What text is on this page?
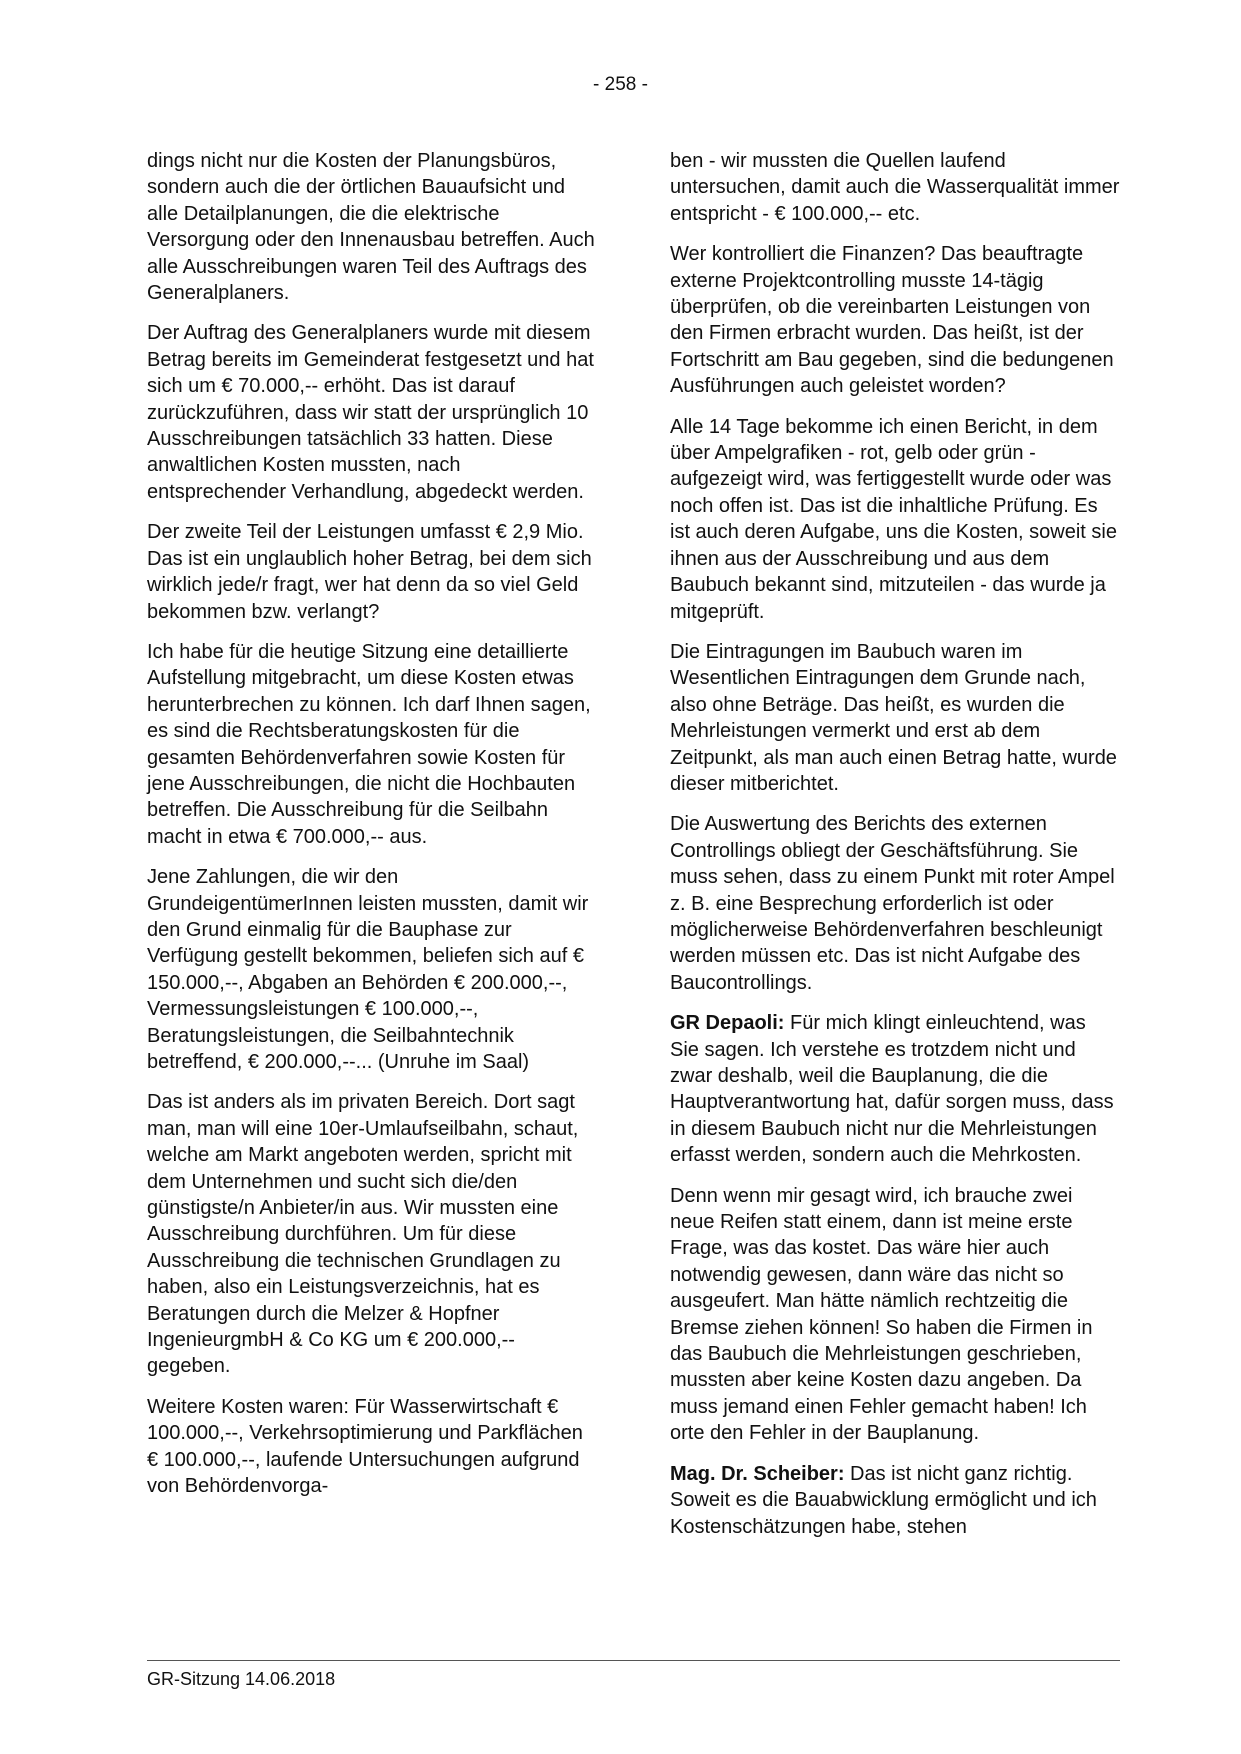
- 258 -

dings nicht nur die Kosten der Planungsbüros, sondern auch die der örtlichen Bauaufsicht und alle Detailplanungen, die die elektrische Versorgung oder den Innenausbau betreffen. Auch alle Ausschreibungen waren Teil des Auftrags des Generalplaners.

Der Auftrag des Generalplaners wurde mit diesem Betrag bereits im Gemeinderat festgesetzt und hat sich um € 70.000,-- erhöht. Das ist darauf zurückzuführen, dass wir statt der ursprünglich 10 Ausschreibungen tatsächlich 33 hatten. Diese anwaltlichen Kosten mussten, nach entsprechender Verhandlung, abgedeckt werden.

Der zweite Teil der Leistungen umfasst € 2,9 Mio. Das ist ein unglaublich hoher Betrag, bei dem sich wirklich jede/r fragt, wer hat denn da so viel Geld bekommen bzw. verlangt?

Ich habe für die heutige Sitzung eine detaillierte Aufstellung mitgebracht, um diese Kosten etwas herunterbrechen zu können. Ich darf Ihnen sagen, es sind die Rechtsberatungskosten für die gesamten Behördenverfahren sowie Kosten für jene Ausschreibungen, die nicht die Hochbauten betreffen. Die Ausschreibung für die Seilbahn macht in etwa € 700.000,-- aus.

Jene Zahlungen, die wir den GrundeigentümerInnen leisten mussten, damit wir den Grund einmalig für die Bauphase zur Verfügung gestellt bekommen, beliefen sich auf € 150.000,--, Abgaben an Behörden € 200.000,--, Vermessungsleistungen € 100.000,--, Beratungsleistungen, die Seilbahntechnik betreffend, € 200.000,--... (Unruhe im Saal)

Das ist anders als im privaten Bereich. Dort sagt man, man will eine 10er-Umlaufseilbahn, schaut, welche am Markt angeboten werden, spricht mit dem Unternehmen und sucht sich die/den günstigste/n Anbieter/in aus. Wir mussten eine Ausschreibung durchführen. Um für diese Ausschreibung die technischen Grundlagen zu haben, also ein Leistungsverzeichnis, hat es Beratungen durch die Melzer & Hopfner IngenieurgmbH & Co KG um € 200.000,-- gegeben.

Weitere Kosten waren: Für Wasserwirtschaft € 100.000,--, Verkehrsoptimierung und Parkflächen € 100.000,--, laufende Untersuchungen aufgrund von Behördenvorga-

ben - wir mussten die Quellen laufend untersuchen, damit auch die Wasserqualität immer entspricht - € 100.000,-- etc.

Wer kontrolliert die Finanzen? Das beauftragte externe Projektcontrolling musste 14-tägig überprüfen, ob die vereinbarten Leistungen von den Firmen erbracht wurden. Das heißt, ist der Fortschritt am Bau gegeben, sind die bedungenen Ausführungen auch geleistet worden?

Alle 14 Tage bekomme ich einen Bericht, in dem über Ampelgrafiken - rot, gelb oder grün - aufgezeigt wird, was fertiggestellt wurde oder was noch offen ist. Das ist die inhaltliche Prüfung. Es ist auch deren Aufgabe, uns die Kosten, soweit sie ihnen aus der Ausschreibung und aus dem Baubuch bekannt sind, mitzuteilen - das wurde ja mitgeprüft.

Die Eintragungen im Baubuch waren im Wesentlichen Eintragungen dem Grunde nach, also ohne Beträge. Das heißt, es wurden die Mehrleistungen vermerkt und erst ab dem Zeitpunkt, als man auch einen Betrag hatte, wurde dieser mitberichtet.

Die Auswertung des Berichts des externen Controllings obliegt der Geschäftsführung. Sie muss sehen, dass zu einem Punkt mit roter Ampel z. B. eine Besprechung erforderlich ist oder möglicherweise Behördenverfahren beschleunigt werden müssen etc. Das ist nicht Aufgabe des Baucontrollings.

GR Depaoli: Für mich klingt einleuchtend, was Sie sagen. Ich verstehe es trotzdem nicht und zwar deshalb, weil die Bauplanung, die die Hauptverantwortung hat, dafür sorgen muss, dass in diesem Baubuch nicht nur die Mehrleistungen erfasst werden, sondern auch die Mehrkosten.

Denn wenn mir gesagt wird, ich brauche zwei neue Reifen statt einem, dann ist meine erste Frage, was das kostet. Das wäre hier auch notwendig gewesen, dann wäre das nicht so ausgeufert. Man hätte nämlich rechtzeitig die Bremse ziehen können! So haben die Firmen in das Baubuch die Mehrleistungen geschrieben, mussten aber keine Kosten dazu angeben. Da muss jemand einen Fehler gemacht haben! Ich orte den Fehler in der Bauplanung.

Mag. Dr. Scheiber: Das ist nicht ganz richtig. Soweit es die Bauabwicklung ermöglicht und ich Kostenschätzungen habe, stehen

GR-Sitzung 14.06.2018
